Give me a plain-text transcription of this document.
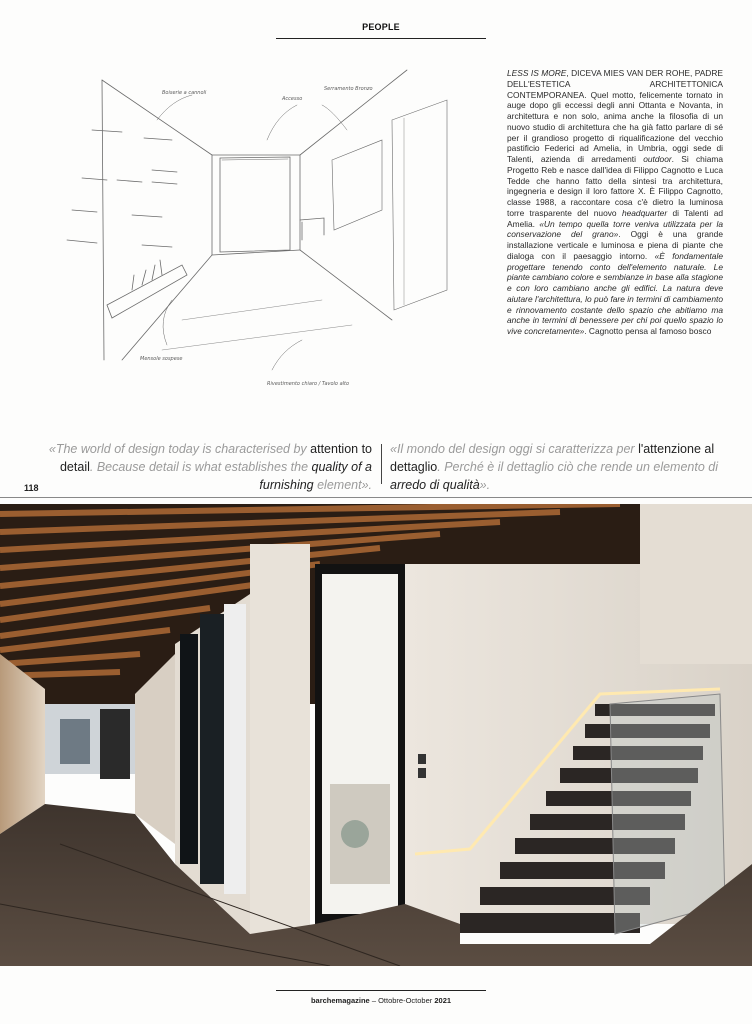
PEOPLE
Boiserie a cannoli
Accesso
Serramento Bronzo
Mensole sospese
Rivestimento chiaro / Tavolo alto

LESS IS MORE, DICEVA MIES VAN DER ROHE, PADRE DELL'ESTETICA ARCHITETTONICA CONTEMPORANEA. Quel motto, felicemente tornato in auge dopo gli eccessi degli anni Ottanta e Novanta, in architettura e non solo, anima anche la filosofia di un nuovo studio di architettura che ha già fatto parlare di sé per il grandioso progetto di riqualificazione del vecchio pastificio Federici ad Amelia, in Umbria, oggi sede di Talenti, azienda di arredamenti outdoor. Si chiama Progetto Reb e nasce dall'idea di Filippo Cagnotto e Luca Tedde che hanno fatto della sintesi tra architettura, ingegneria e design il loro fattore X. È Filippo Cagnotto, classe 1988, a raccontare cosa c'è dietro la luminosa torre trasparente del nuovo headquarter di Talenti ad Amelia. «Un tempo quella torre veniva utilizzata per la conservazione del grano». Oggi è una grande installazione verticale e luminosa e piena di piante che dialoga con il paesaggio intorno. «È fondamentale progettare tenendo conto dell'elemento naturale. Le piante cambiano colore e sembianze in base alla stagione e con loro cambiano anche gli edifici. La natura deve aiutare l'architettura, lo può fare in termini di cambiamento e rinnovamento costante dello spazio che abitiamo ma anche in termini di benessere per chi poi quello spazio lo vive concretamente». Cagnotto pensa al famoso bosco

«The world of design today is characterised by attention to detail. Because detail is what establishes the quality of a furnishing element».
«Il mondo del design oggi si caratterizza per l'attenzione al dettaglio. Perché è il dettaglio ciò che rende un elemento di arredo di qualità».
118
barchemagazine – Ottobre-October 2021
